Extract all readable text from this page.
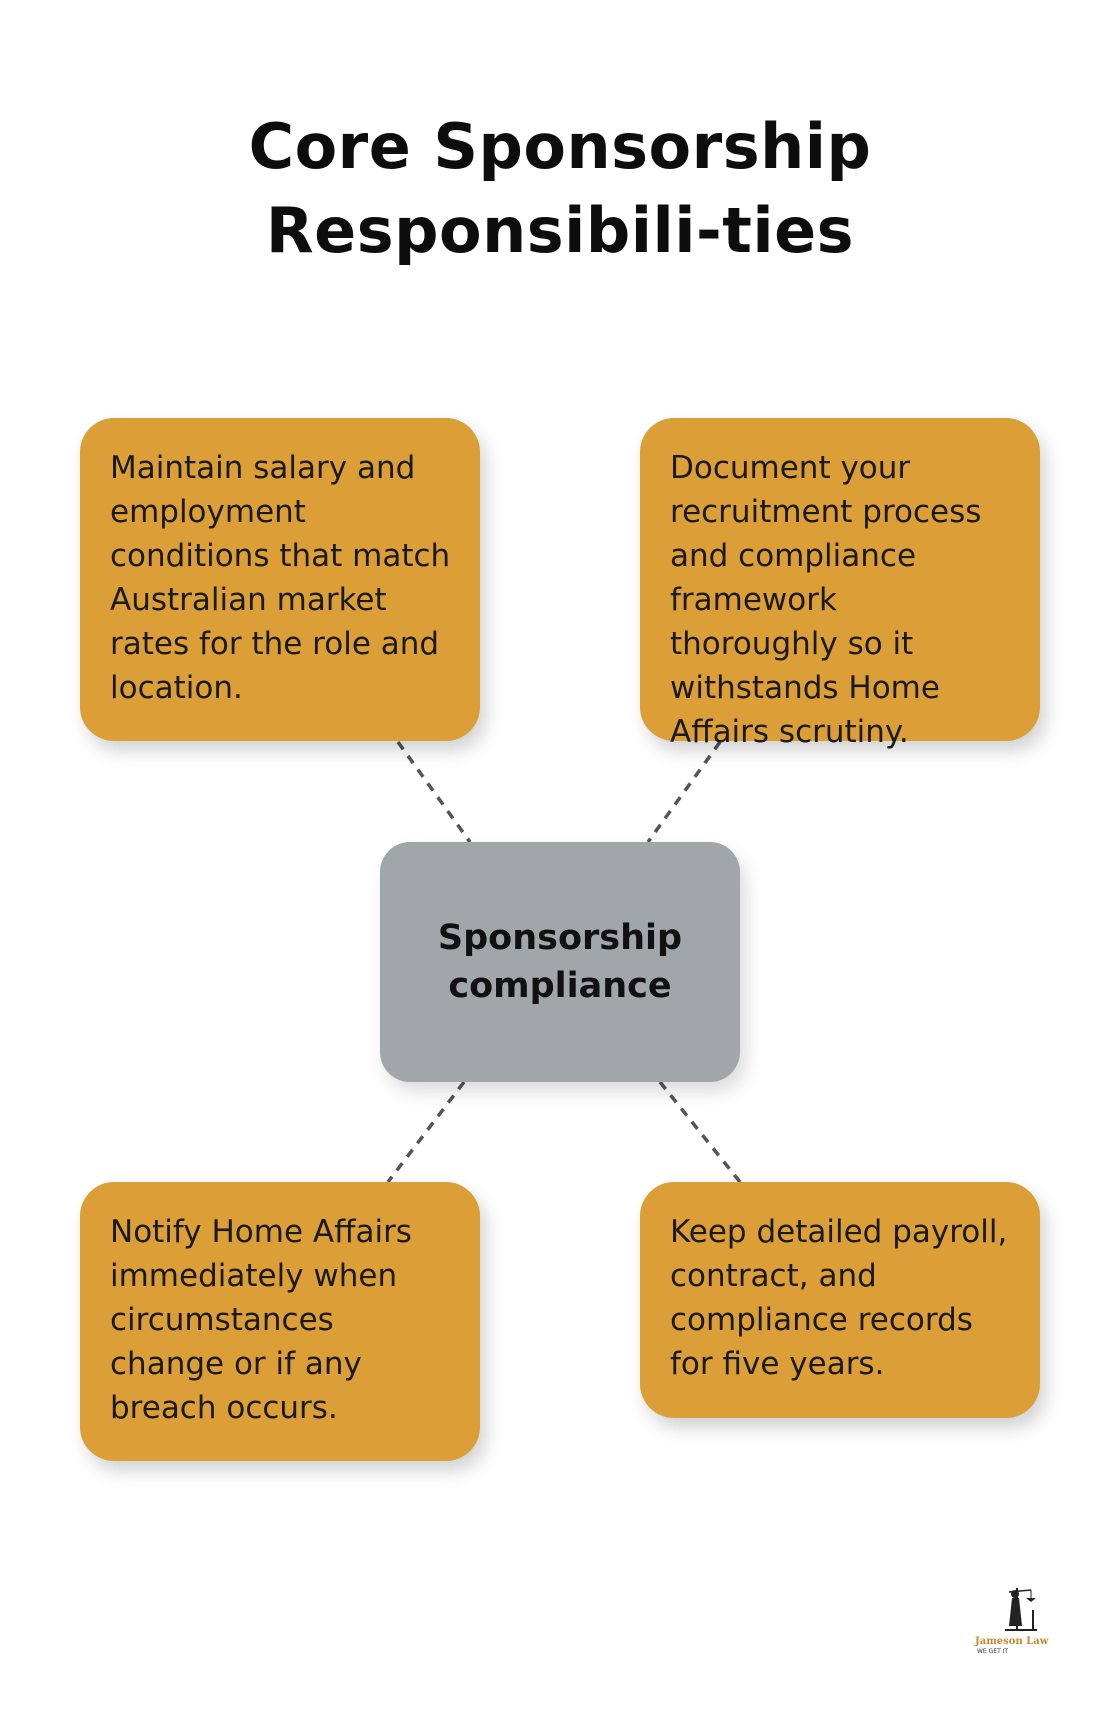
Core Sponsorship Responsibili-ties
Maintain salary and employment conditions that match Australian market rates for the role and location.
Document your recruitment process and compliance framework thoroughly so it withstands Home Affairs scrutiny.
Notify Home Affairs immediately when circumstances change or if any breach occurs.
Keep detailed payroll, contract, and compliance records for five years.
Sponsorship compliance
Jameson Law
WE GET IT
